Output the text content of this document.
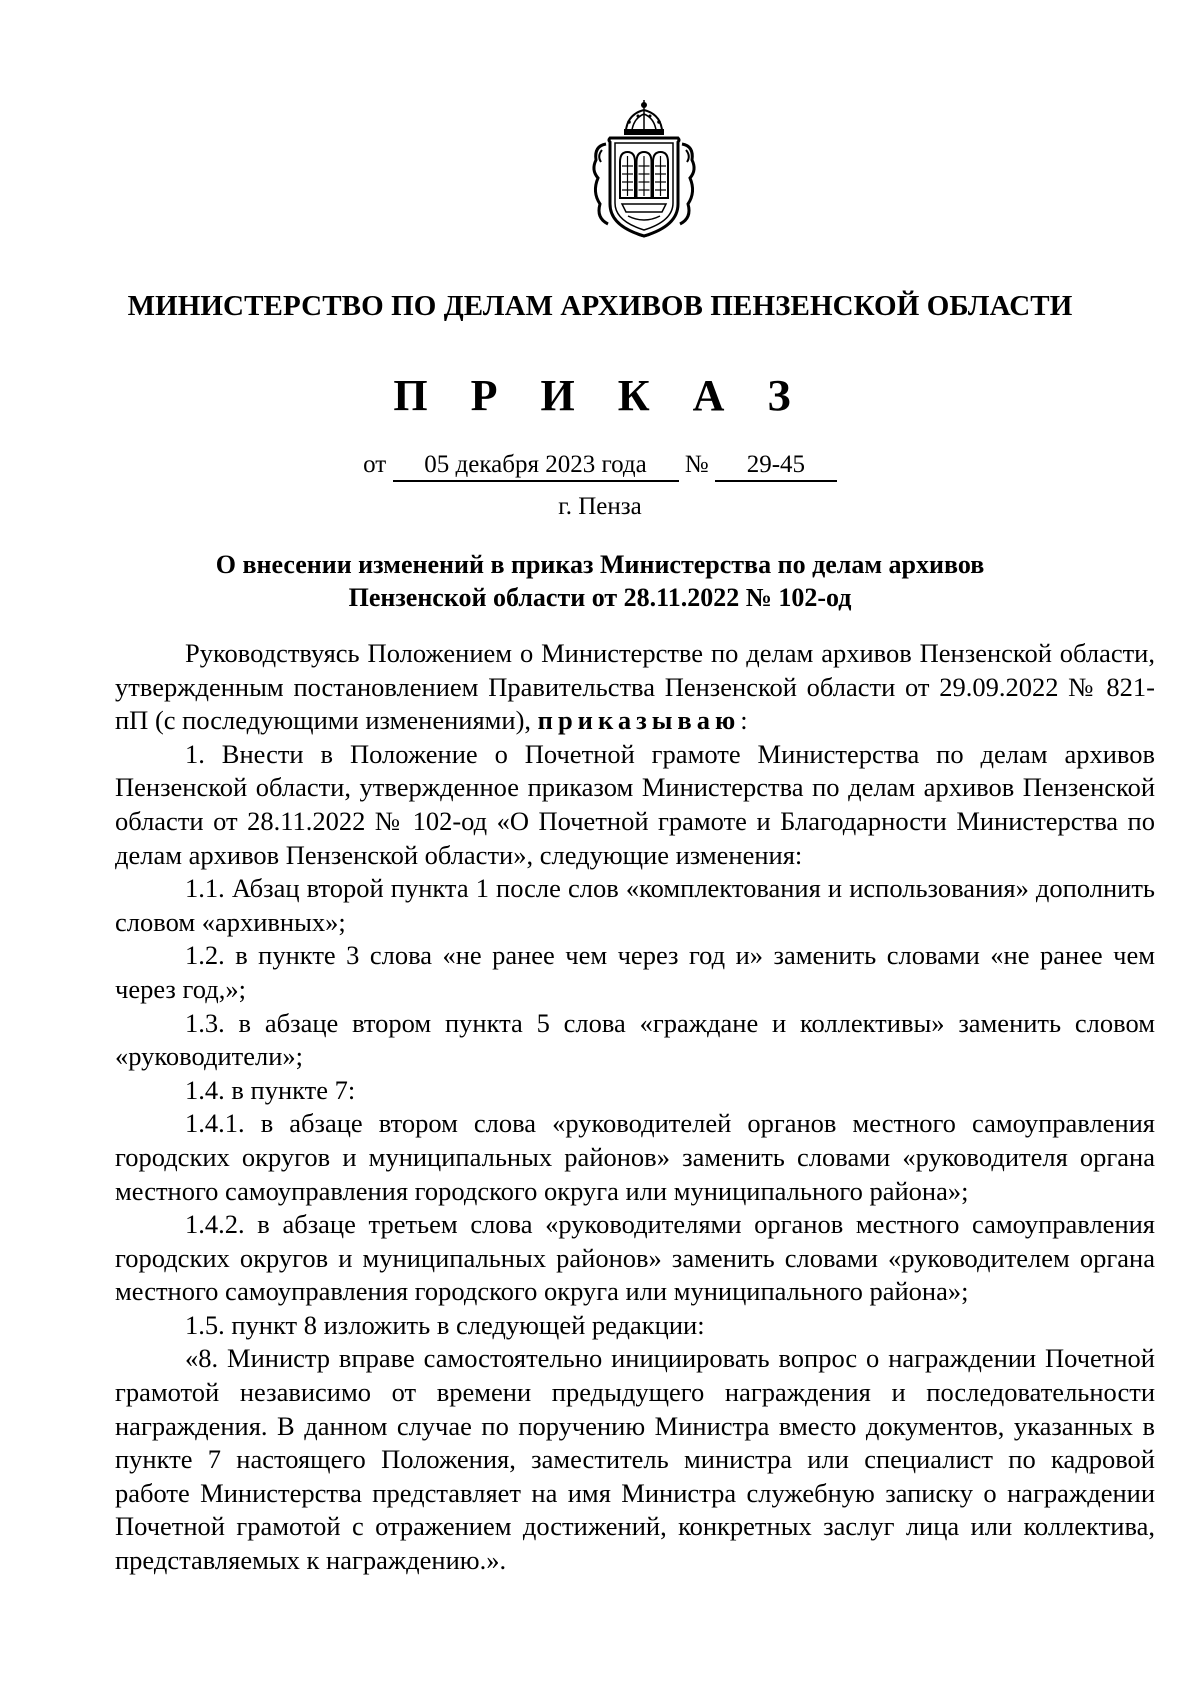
МИНИСТЕРСТВО ПО ДЕЛАМ АРХИВОВ ПЕНЗЕНСКОЙ ОБЛАСТИ
П Р И К А З
от 05 декабря 2023 года № 29-45
г. Пенза
О внесении изменений в приказ Министерства по делам архивов
Пензенской области от 28.11.2022 № 102-од

Руководствуясь Положением о Министерстве по делам архивов Пензенской области, утвержденным постановлением Правительства Пензенской области от 29.09.2022 № 821-пП (с последующими изменениями), приказываю:

1. Внести в Положение о Почетной грамоте Министерства по делам архивов Пензенской области, утвержденное приказом Министерства по делам архивов Пензенской области от 28.11.2022 № 102-од «О Почетной грамоте и Благодарности Министерства по делам архивов Пензенской области», следующие изменения:

1.1. Абзац второй пункта 1 после слов «комплектования и использования» дополнить словом «архивных»;

1.2. в пункте 3 слова «не ранее чем через год и» заменить словами «не ранее чем через год,»;

1.3. в абзаце втором пункта 5 слова «граждане и коллективы» заменить словом «руководители»;

1.4. в пункте 7:

1.4.1. в абзаце втором слова «руководителей органов местного самоуправления городских округов и муниципальных районов» заменить словами «руководителя органа местного самоуправления городского округа или муниципального района»;

1.4.2. в абзаце третьем слова «руководителями органов местного самоуправления городских округов и муниципальных районов» заменить словами «руководителем органа местного самоуправления городского округа или муниципального района»;

1.5. пункт 8 изложить в следующей редакции:

«8. Министр вправе самостоятельно инициировать вопрос о награждении Почетной грамотой независимо от времени предыдущего награждения и последовательности награждения. В данном случае по поручению Министра вместо документов, указанных в пункте 7 настоящего Положения, заместитель министра или специалист по кадровой работе Министерства представляет на имя Министра служебную записку о награждении Почетной грамотой с отражением достижений, конкретных заслуг лица или коллектива, представляемых к награждению.».
